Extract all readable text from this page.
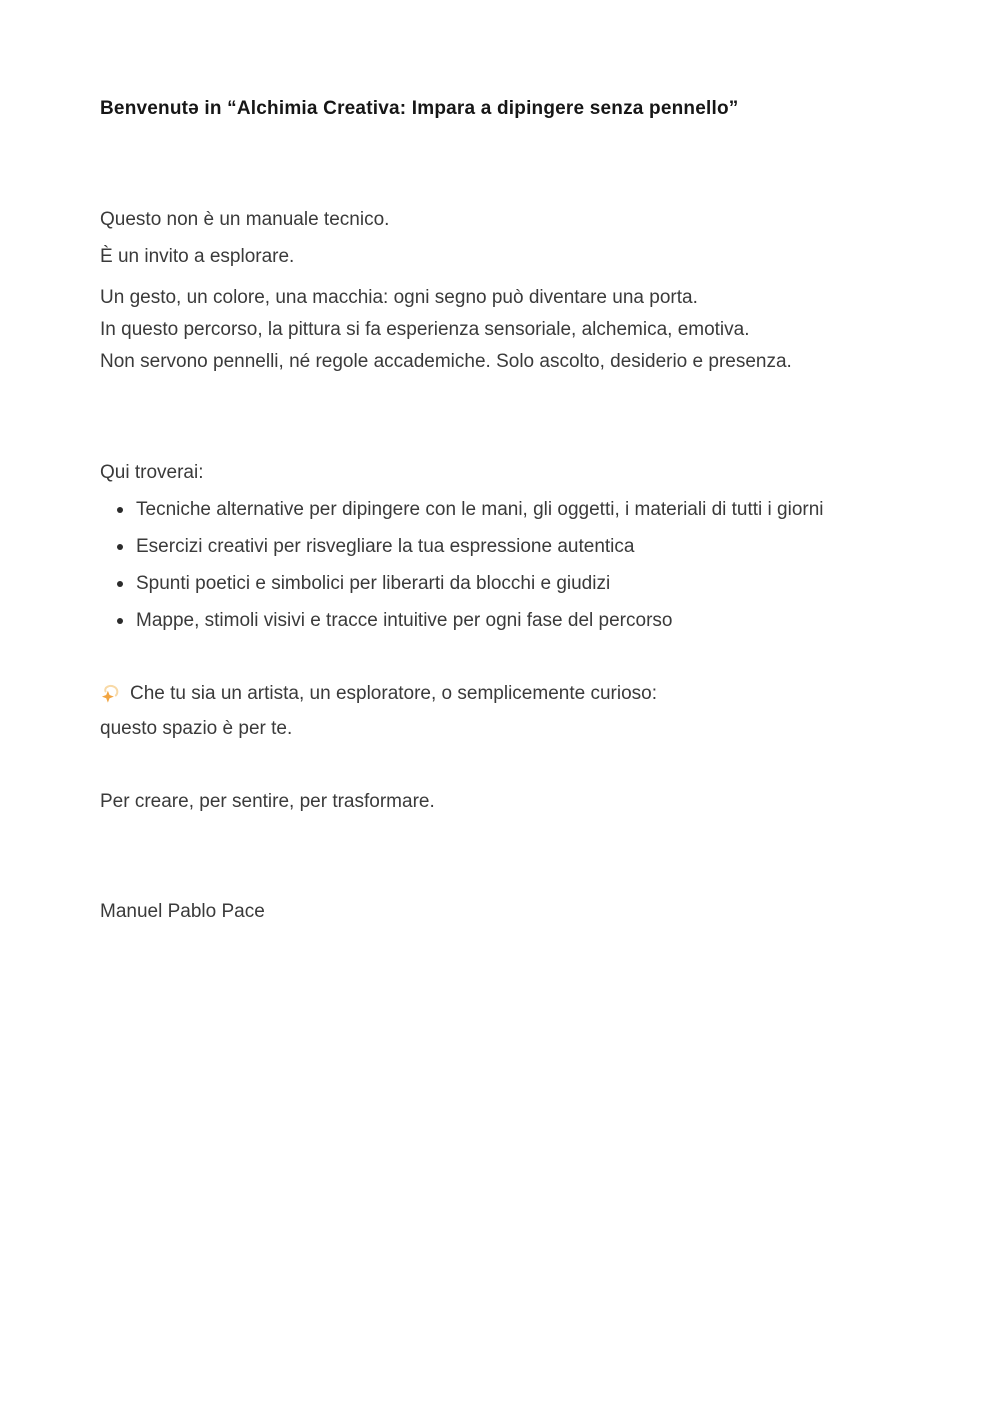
Benvenutə in “Alchimia Creativa: Impara a dipingere senza pennello”

Questo non è un manuale tecnico.

È un invito a esplorare.

Un gesto, un colore, una macchia: ogni segno può diventare una porta.

In questo percorso, la pittura si fa esperienza sensoriale, alchemica, emotiva.

Non servono pennelli, né regole accademiche. Solo ascolto, desiderio e presenza.

Qui troverai:

Tecniche alternative per dipingere con le mani, gli oggetti, i materiali di tutti i giorni
Esercizi creativi per risvegliare la tua espressione autentica
Spunti poetici e simbolici per liberarti da blocchi e giudizi
Mappe, stimoli visivi e tracce intuitive per ogni fase del percorso

Che tu sia un artista, un esploratore, o semplicemente curioso:

questo spazio è per te.

Per creare, per sentire, per trasformare.

Manuel Pablo Pace
